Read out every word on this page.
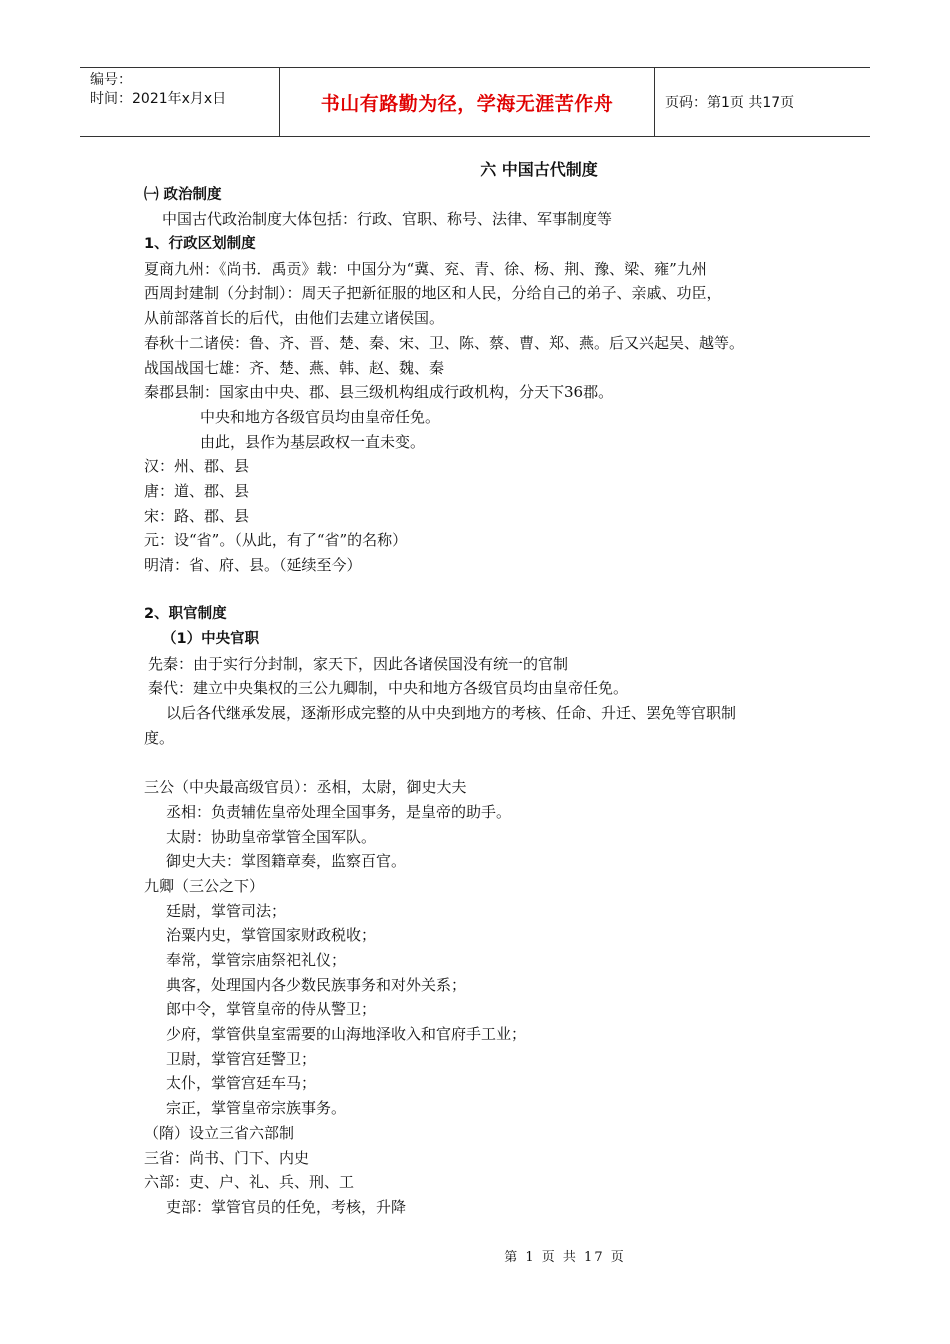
编号：
时间：2021年x月x日	书山有路勤为径，学海无涯苦作舟	页码：第1页 共17页
六 中国古代制度
㈠ 政治制度
中国古代政治制度大体包括：行政、官职、称号、法律、军事制度等
1、行政区划制度
夏商九州：《尚书．禹贡》载：中国分为“冀、兖、青、徐、杨、荆、豫、梁、雍”九州
西周封建制（分封制）：周天子把新征服的地区和人民，分给自己的弟子、亲戚、功臣，
从前部落首长的后代，由他们去建立诸侯国。
春秋十二诸侯：鲁、齐、晋、楚、秦、宋、卫、陈、蔡、曹、郑、燕。后又兴起吴、越等。
战国战国七雄：齐、楚、燕、韩、赵、魏、秦
秦郡县制：国家由中央、郡、县三级机构组成行政机构，分天下36郡。
中央和地方各级官员均由皇帝任免。
由此，县作为基层政权一直未变。
汉：州、郡、县
唐：道、郡、县
宋：路、郡、县
元：设“省”。（从此，有了“省”的名称）
明清：省、府、县。（延续至今）
2、职官制度
（1）中央官职
先秦：由于实行分封制，家天下，因此各诸侯国没有统一的官制
秦代：建立中央集权的三公九卿制，中央和地方各级官员均由皇帝任免。
以后各代继承发展，逐渐形成完整的从中央到地方的考核、任命、升迁、罢免等官职制
度。
三公（中央最高级官员）：丞相，太尉，御史大夫
丞相：负责辅佐皇帝处理全国事务，是皇帝的助手。
太尉：协助皇帝掌管全国军队。
御史大夫：掌图籍章奏，监察百官。
九卿（三公之下）
廷尉，掌管司法；
治粟内史，掌管国家财政税收；
奉常，掌管宗庙祭祀礼仪；
典客，处理国内各少数民族事务和对外关系；
郎中令，掌管皇帝的侍从警卫；
少府，掌管供皇室需要的山海地泽收入和官府手工业；
卫尉，掌管宫廷警卫；
太仆，掌管宫廷车马；
宗正，掌管皇帝宗族事务。
（隋）设立三省六部制
三省：尚书、门下、内史
六部：吏、户、礼、兵、刑、工
吏部：掌管官员的任免，考核，升降
第 1 页 共 17 页
